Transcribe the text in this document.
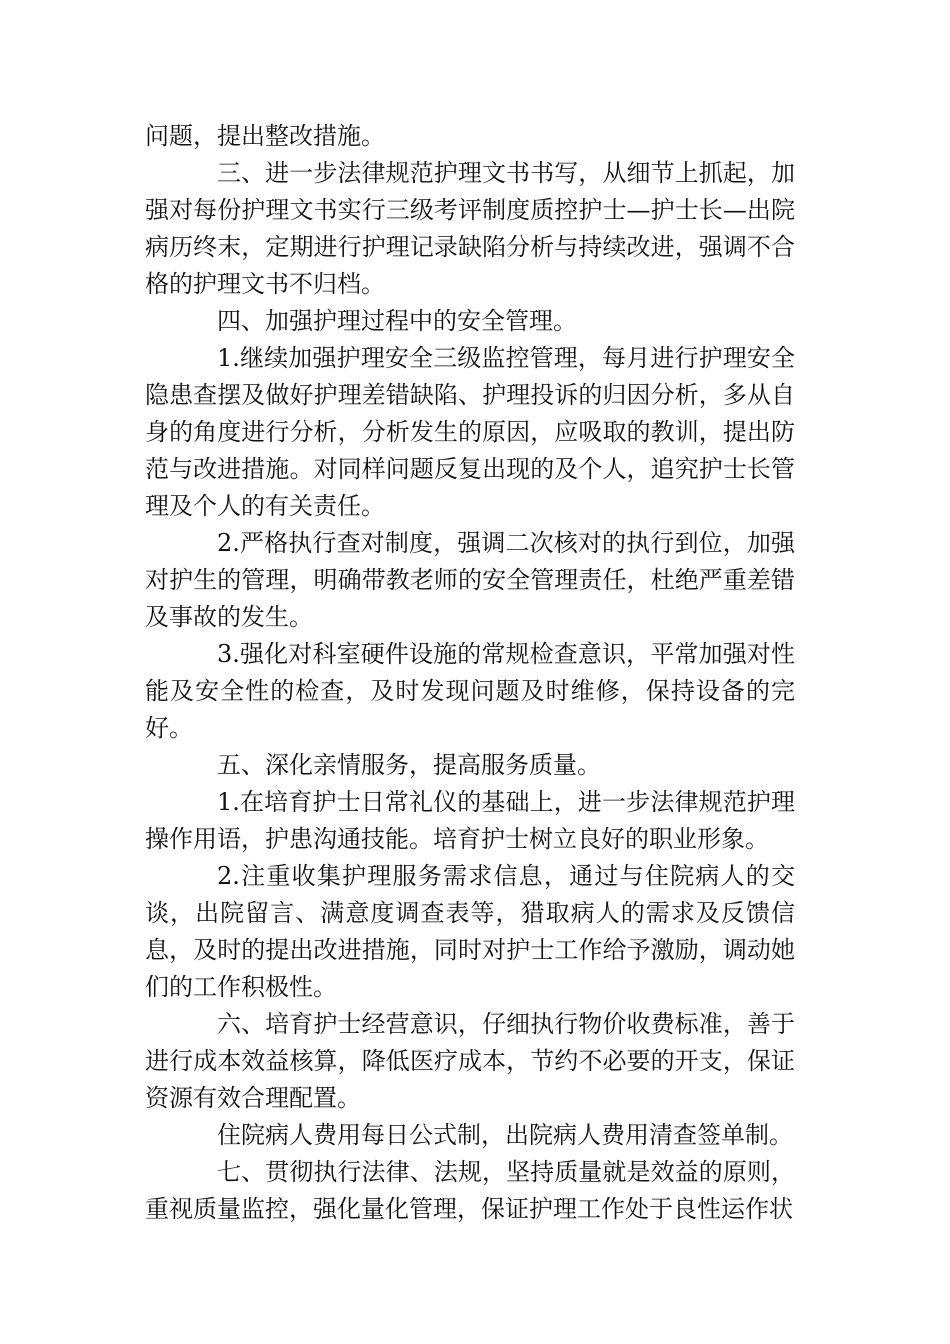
问题，提出整改措施。

三、进一步法律规范护理文书书写，从细节上抓起，加强对每份护理文书实行三级考评制度质控护士—护士长—出院病历终末，定期进行护理记录缺陷分析与持续改进，强调不合格的护理文书不归档。

四、加强护理过程中的安全管理。

1.继续加强护理安全三级监控管理，每月进行护理安全隐患查摆及做好护理差错缺陷、护理投诉的归因分析，多从自身的角度进行分析，分析发生的原因，应吸取的教训，提出防范与改进措施。对同样问题反复出现的及个人，追究护士长管理及个人的有关责任。

2.严格执行查对制度，强调二次核对的执行到位，加强对护生的管理，明确带教老师的安全管理责任，杜绝严重差错及事故的发生。

3.强化对科室硬件设施的常规检查意识，平常加强对性能及安全性的检查，及时发现问题及时维修，保持设备的完好。

五、深化亲情服务，提高服务质量。

1.在培育护士日常礼仪的基础上，进一步法律规范护理操作用语，护患沟通技能。培育护士树立良好的职业形象。

2.注重收集护理服务需求信息，通过与住院病人的交谈，出院留言、满意度调查表等，猎取病人的需求及反馈信息，及时的提出改进措施，同时对护士工作给予激励，调动她们的工作积极性。

六、培育护士经营意识，仔细执行物价收费标准，善于进行成本效益核算，降低医疗成本，节约不必要的开支，保证资源有效合理配置。

住院病人费用每日公式制，出院病人费用清查签单制。

七、贯彻执行法律、法规，坚持质量就是效益的原则，重视质量监控，强化量化管理，保证护理工作处于良性运作状
